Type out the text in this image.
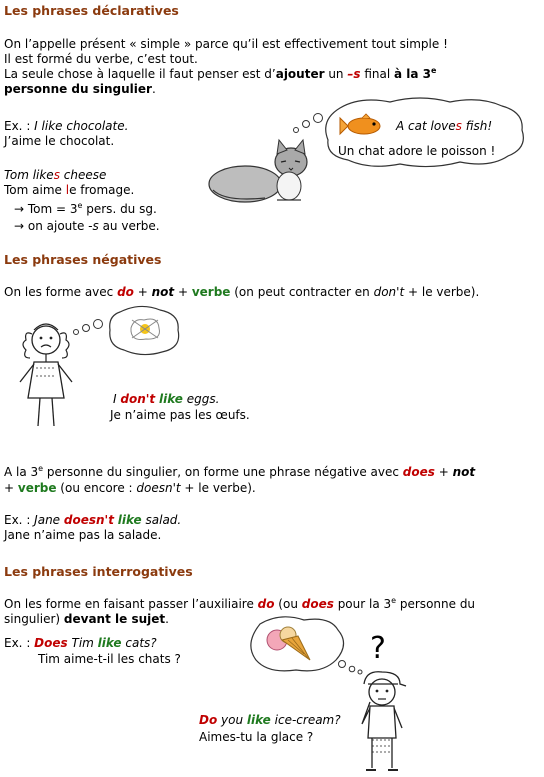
Les phrases déclaratives
On l’appelle présent « simple » parce qu’il est effectivement tout simple !
Il est formé du verbe, c’est tout.
La seule chose à laquelle il faut penser est d’ajouter un –s final à la 3e
personne du singulier.
Ex. : I like chocolate.
J’aime le chocolat.
Tom likes cheese
Tom aime le fromage.
→ Tom = $3^e$ pers. du sg.
→ on ajoute -s au verbe.
A cat loves fish!
Un chat adore le poisson !
Les phrases négatives
On les forme avec do + not + verbe (on peut contracter en don't + le verbe).
I don't like eggs.
Je n’aime pas les œufs.
A la 3e personne du singulier, on forme une phrase négative avec does + not
+ verbe (ou encore : doesn't + le verbe).
Ex. : Jane doesn't like salad.
Jane n’aime pas la salade.
Les phrases interrogatives
On les forme en faisant passer l’auxiliaire do (ou does pour la 3e personne du
singulier) devant le sujet.
Ex. : Does Tim like cats?
Tim aime-t-il les chats ?	?
Do you like ice-cream?
Aimes-tu la glace ?
